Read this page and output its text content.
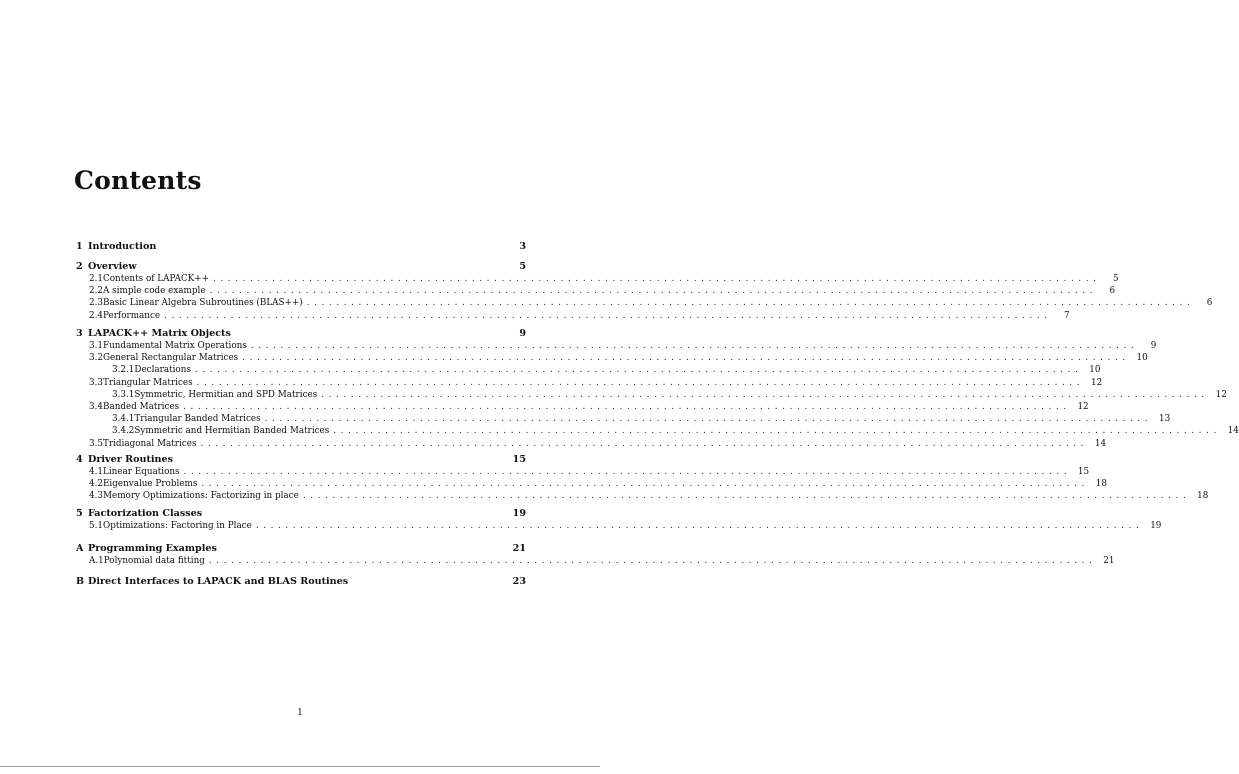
Contents
1 Introduction	3
2 Overview	5
2.1 Contents of LAPACK++ ........................................................................................................................	5
2.2 A simple code example ........................................................................................................................	6
2.3 Basic Linear Algebra Subroutines (BLAS++) ........................................................................................................................	6
2.4 Performance ........................................................................................................................	7
3 LAPACK++ Matrix Objects	9
3.1 Fundamental Matrix Operations ........................................................................................................................	9
3.2 General Rectangular Matrices ........................................................................................................................ 10
3.2.1 Declarations ........................................................................................................................ 10
3.3 Triangular Matrices ........................................................................................................................ 12
3.3.1 Symmetric, Hermitian and SPD Matrices ........................................................................................................................ 12
3.4 Banded Matrices ........................................................................................................................ 12
3.4.1 Triangular Banded Matrices ........................................................................................................................ 13
3.4.2 Symmetric and Hermitian Banded Matrices ........................................................................................................................ 14
3.5 Tridiagonal Matrices ........................................................................................................................ 14
4 Driver Routines	15
4.1 Linear Equations ........................................................................................................................ 15
4.2 Eigenvalue Problems ........................................................................................................................ 18
4.3 Memory Optimizations: Factorizing in place ........................................................................................................................ 18
5 Factorization Classes	19
5.1 Optimizations: Factoring in Place ........................................................................................................................ 19
A Programming Examples	21
A.1 Polynomial data fitting ........................................................................................................................ 21
B Direct Interfaces to LAPACK and BLAS Routines	23
1
